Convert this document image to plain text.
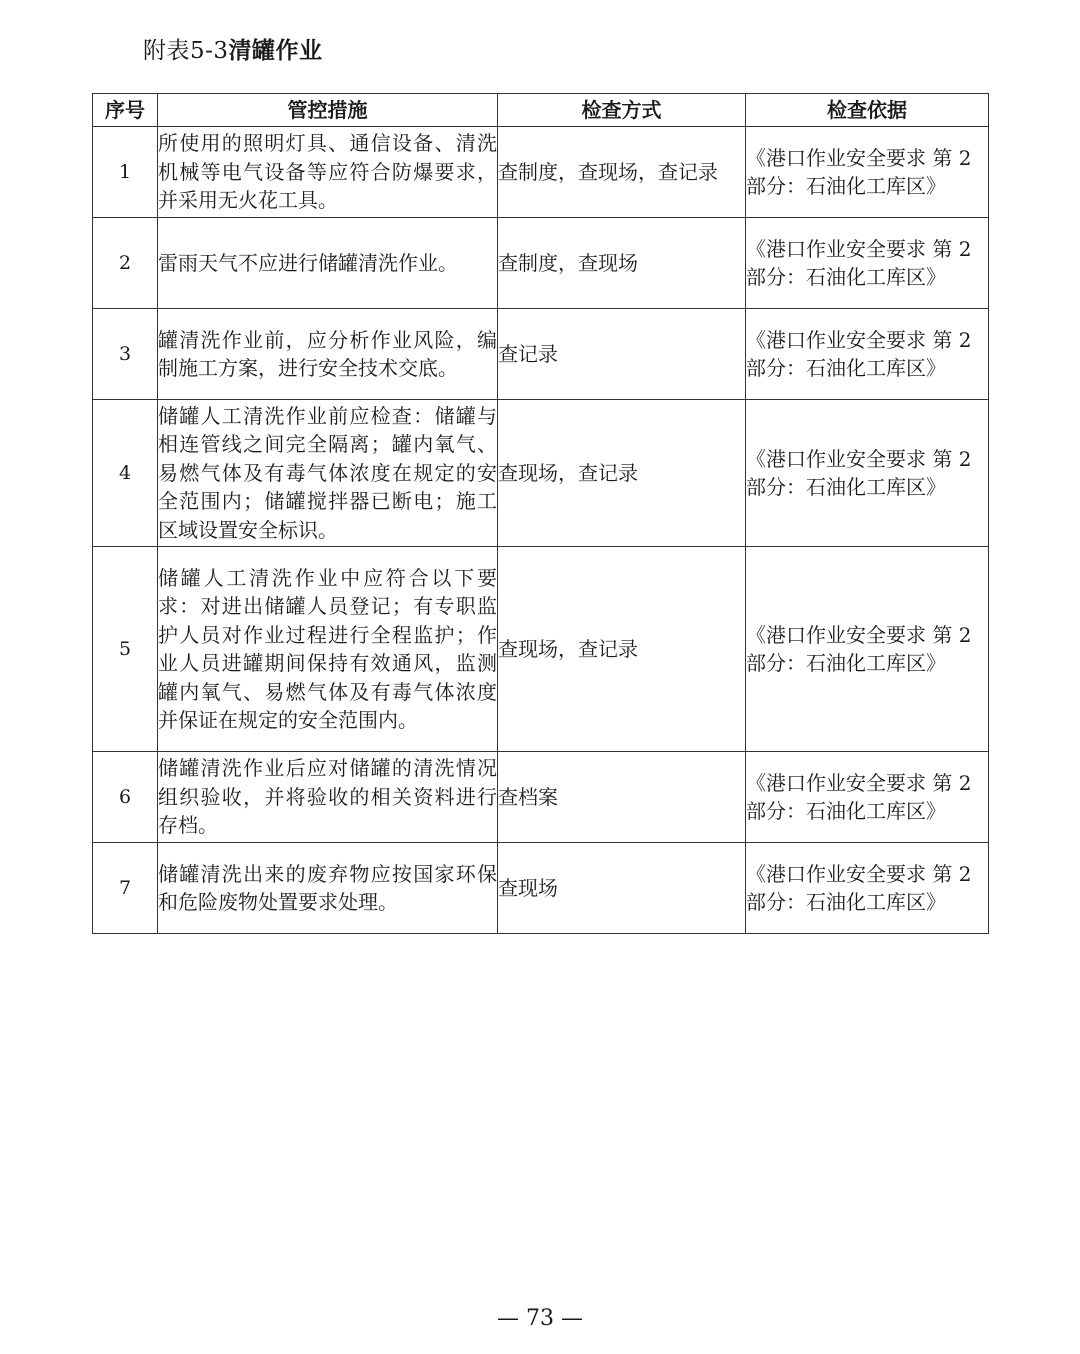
附表5-3清罐作业
序号	管控措施	检查方式	检查依据
1	所使用的照明灯具、通信设备、清洗机械等电气设备等应符合防爆要求，并采用无火花工具。	查制度，查现场，查记录	《港口作业安全要求 第 2 部分：石油化工库区》
2	雷雨天气不应进行储罐清洗作业。	查制度，查现场	《港口作业安全要求 第 2 部分：石油化工库区》
3	罐清洗作业前，应分析作业风险，编制施工方案，进行安全技术交底。	查记录	《港口作业安全要求 第 2 部分：石油化工库区》
4	储罐人工清洗作业前应检查：储罐与相连管线之间完全隔离；罐内氧气、易燃气体及有毒气体浓度在规定的安全范围内；储罐搅拌器已断电；施工区域设置安全标识。	查现场，查记录	《港口作业安全要求 第 2 部分：石油化工库区》
5	储罐人工清洗作业中应符合以下要求：对进出储罐人员登记；有专职监护人员对作业过程进行全程监护；作业人员进罐期间保持有效通风，监测罐内氧气、易燃气体及有毒气体浓度并保证在规定的安全范围内。	查现场，查记录	《港口作业安全要求 第 2 部分：石油化工库区》
6	储罐清洗作业后应对储罐的清洗情况组织验收，并将验收的相关资料进行存档。	查档案	《港口作业安全要求 第 2 部分：石油化工库区》
7	储罐清洗出来的废弃物应按国家环保和危险废物处置要求处理。	查现场	《港口作业安全要求 第 2 部分：石油化工库区》
— 73 —
